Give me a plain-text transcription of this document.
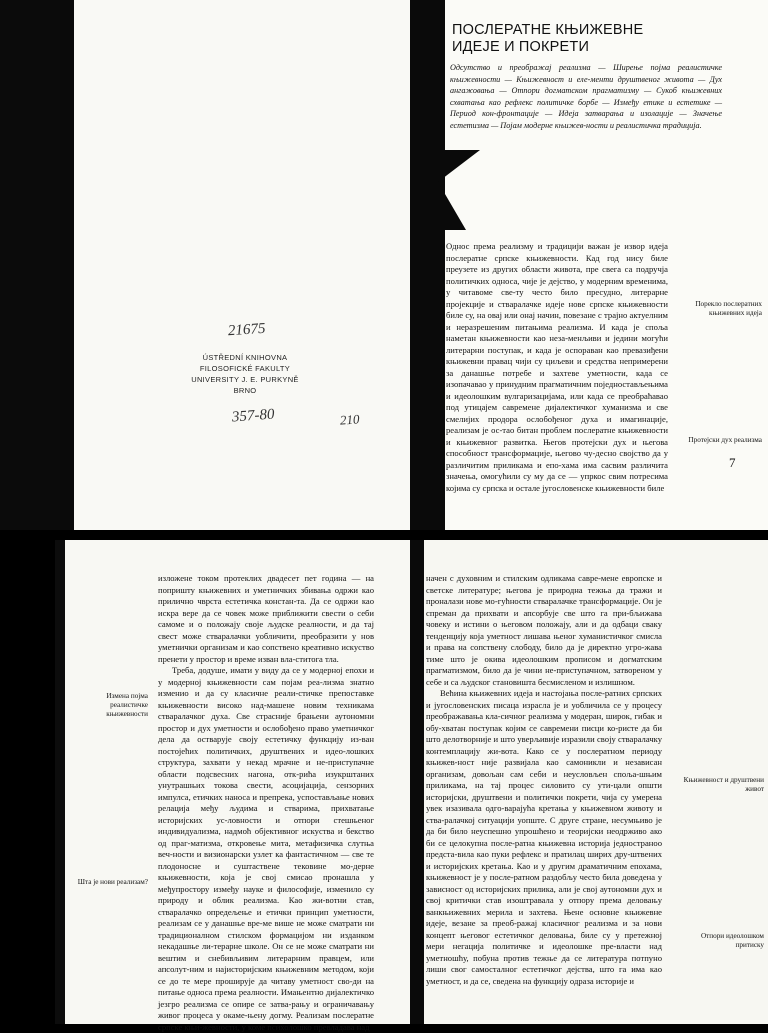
21675
ÚSTŘEDNÍ KNIHOVNA
FILOSOFICKÉ FAKULTY
UNIVERSITY J. E. PURKYNĚ
BRNO
357-80	210
ПОСЛЕРАТНЕ КЊИЖЕВНЕ
ИДЕЈЕ И ПОКРЕТИ
Одсутство и преображај реализма — Ширење појма реалистичке књижевности — Књижевност и еле-менти друштвеног живота — Дух ангажовања — Отпори догматском прагматизму — Сукоб књижевних схватања као рефлекс политичке борбе — Између етике и естетике — Период кон-фронтације — Идеја затварања и изолације — Значење естетизма — Појам модерне књижев-ности и реалистичка традиција.

Однос према реализму и традицији важан је извор идеја послератне српске књижевности. Кад год нису биле преузете из других области живота, пре свега са подручја политичких односа, чије је дејство, у модерним временима, у читавоме све-ту често било пресудно, литерарне пројекције и стваралачке идеје нове српске књижевности биле су, на овај или онај начин, повезане с трајно актуелним и неразрешеним питањима реализма. И када је споља наметан књижевности као неза-менљиви и једини могући литерарни поступак, и када је оспораван као превазиђени књижевни правац чији су циљеви и средства непримерени за данашње потребе и захтеве уметности, када се изопачавао у принудним прагматичним поједностављењима и идеолошким вулгаризацијама, или када се преобраћавао под утицајем савремене дијалектичког хуманизма и све смелијих продора ослобођеног духа и имагинације, реализам је ос-тао битан проблем послератне књижевности и књижевног развитка. Његов протејски дух и његова способност трансформације, његово чу-десно својство да у различитим приликама и епо-хама има сасвим различита значења, омогућили су му да се — упркос свим потресима којима су српска и остале југословенске књижевности биле

Порекло послератних књижевних идеја
Протејски дух реализма
7

изложене током протеклих двадесет пет година — на попришту књижевних и уметничких збивања одржи као прилично чврста естетичка констан-та. Да се одржи као искра вере да се човек може приближити свести о себи самоме и о положају своје људске реалности, и да тај свест може стваралачки уобличити, преобразити у нов уметнички организам и као сопствено креативно искуство пренети у простор и време изван вла-ститога тла.

Треба, додуше, имати у виду да се у модерној епохи и у модерној књижевности сам појам реа-лизма знатно изменио и да су класичне реали-стичке препоставке књижевности високо над-машене новим техникама стваралачког духа. Све страсније брањени аутономни простор и дух уметности и ослобођено право уметничког дела да остварује своју естетичку функцију из-ван постојећих политичких, друштвених и идео-лошких структура, захвати у некад мрачне и не-приступачне области подсвесних нагона, отк-рића изукрштаних унутрашњих токова свести, асоцијација, сензорних импулса, етичких наноса и препрека, успостављање нових релација међу људима и стварима, прихватање историјских ус-ловности и отпори стешњеног индивидуализма, надмоћ објективног искуства и бекство од праг-матизма, откровење мита, метафизичка слутња веч-ности и визионарски узлет ка фантастичном — све те плодоносне и суштаственe тековине мо-дерне књижевности, која је свој смисао пронашла у међупростору између науке и философије, изменило су природу и облик реализма. Као жи-вотни став, стваралачко опредељење и етички принцип уметности, реализам се у данашње вре-ме више не може сматрати ни традиционалном стилском формацијом ни изданком некадашње ли-терарне школе. Он се не може сматрати ни вештим и снебивљивим литерарним правцем, или апсолут-ним и најисторијским књижевним методом, који се до те мере проширује да читаву уметност сво-ди на питање односа према реалности. Имањентно дијалектичко језгро реализма се опире се затва-рању и ограничавању живог процеса у окаме-њену догму. Реализам послератне српске књи-жевности, у коме психолошко превладава над

Измена појма реалистичке књижевности
Шта је нови реализам?

начен с духовним и стилским одликама савре-мене европске и светске литературе; његова је природна тежња да тражи и проналази нове мо-гућности стваралачке трансформације. Он је спреман да прихвати и апсорбује све што га при-бљижава човеку и истини о његовом положају, али и да одбаци сваку тенденцију која уметност лишава њеног хуманистичког смисла и права на сопствену слободу, било да је директно угро-жава тиме што је окива идеолошким прописом и догматским прагматизмом, било да је чини не-приступачном, затвореном у себе и са људског становишта бесмисленом и излишном.

Већина књижевних идеја и настојања после-ратних српских и југословенских писаца изрaслa је и уобличила се у процесу преображавања кла-сичног реализма у модеран, широк, гибак и обу-хватан поступак којим се савремени писци ко-ристе да би што делотворније и што уверљивије изразили своју стваралачку контемплацију жи-вота. Како се у послератном периоду књижев-ност није развијала као самоникли и независан организам, довољан сам себи и неусловљен спољa-шњим приликама, на тај процес силовито су ути-цали општи историјски, друштвени и политички покрети, чија су умерена увек изазивала одго-варајућа кретања у књижевном животу и ства-ралачкој ситуацији уопште. С друге стране, несумњиво је да би било неуспешно упрошћено и теоријски неодрживо ако би се целокупна после-ратна књижевна историја једностраноо предста-вила као пуки рефлекс и пратилац ширих дру-штвених и историјских кретања. Као и у другим драматичним епохама, књижевност је у после-ратном раздобљу често била доведена у зависност од историјских прилика, али је свој аутономни дух и свој критички став изоштравала у отпору према деловању ванкњижевних мерила и захтева. Њене основне књижевне идеје, везане за преоб-ражај класичног реализма и за нови концепт његовог естетичког деловања, биле су у претежној мери негација политичке и идеолошке пре-власти над уметношћу, побуна против тежње да се литература потпуно лиши свог самосталног естетичког дејства, што га има као уметност, и да се, сведена на функцију одраза историје и

Књижевност и друштвени живот
Отпори идеолошком притиску
